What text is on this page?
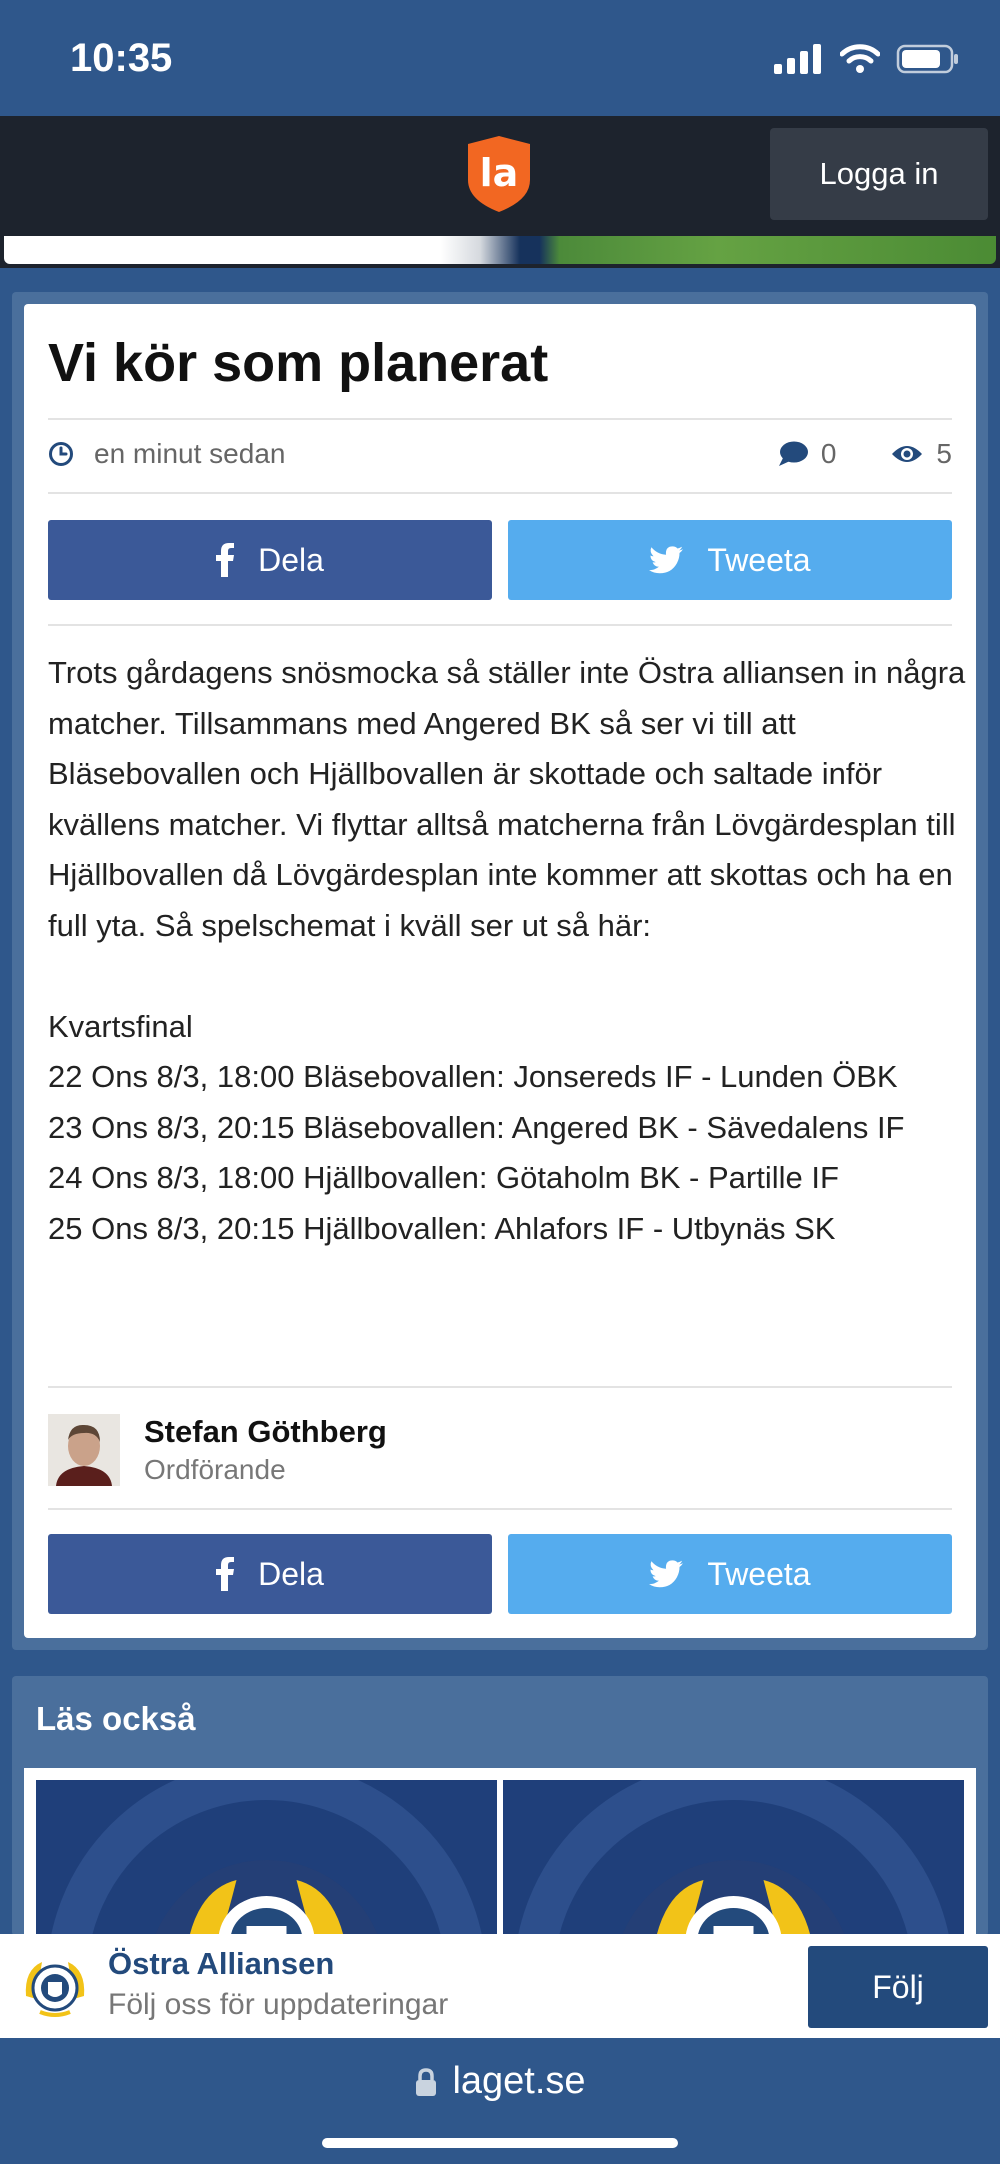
10:35
la	Logga in
Vi kör som planerat
en minut sedan	0	5
Dela	Tweeta

Trots gårdagens snösmocka så ställer inte Östra alliansen in några matcher. Tillsammans med Angered BK så ser vi till att Bläsebovallen och Hjällbovallen är skottade och saltade inför kvällens matcher. Vi flyttar alltså matcherna från Lövgärdesplan till Hjällbovallen då Lövgärdesplan inte kommer att skottas och ha en full yta. Så spelschemat i kväll ser ut så här:

Kvartsfinal

22 Ons 8/3, 18:00 Bläsebovallen: Jonsereds IF - Lunden ÖBK

23 Ons 8/3, 20:15 Bläsebovallen: Angered BK - Sävedalens IF

24 Ons 8/3, 18:00 Hjällbovallen: Götaholm BK - Partille IF

25 Ons 8/3, 20:15 Hjällbovallen: Ahlafors IF - Utbynäs SK

Stefan Göthberg
Ordförande
Dela	Tweeta
Läs också
Östra Alliansen
Följ oss för uppdateringar	Följ
laget.se
